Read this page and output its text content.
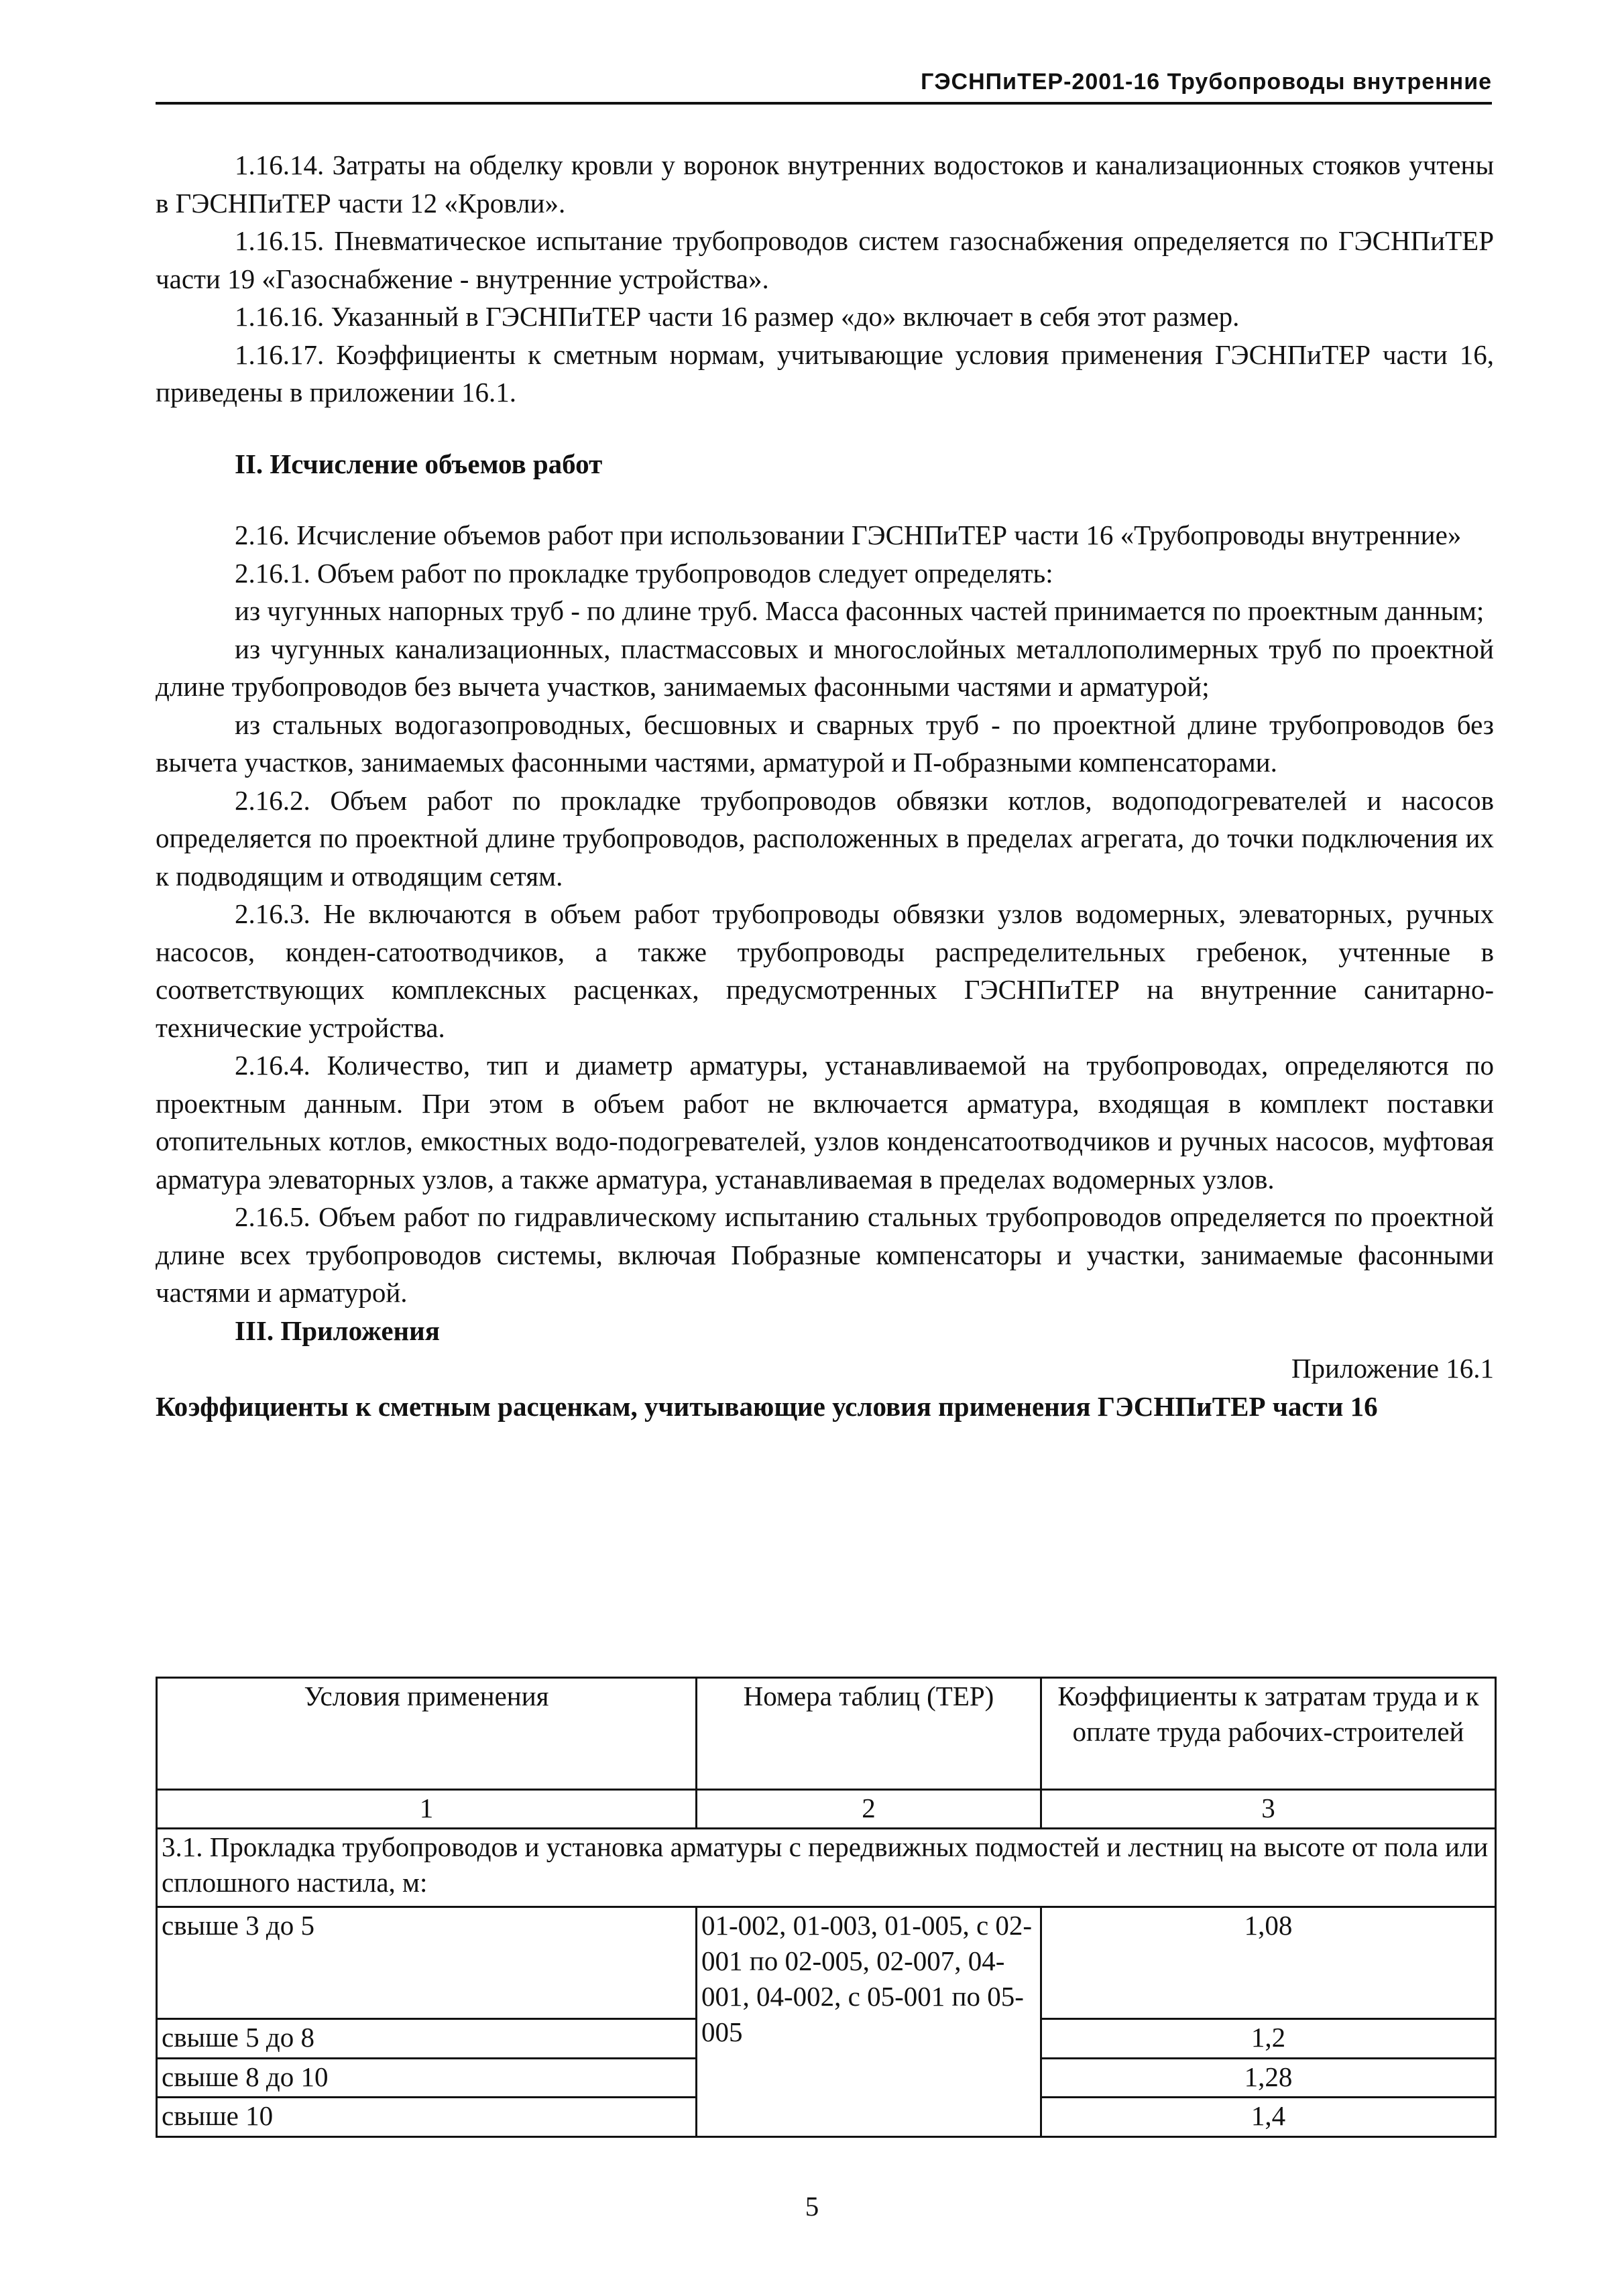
ГЭСНПиТЕР-2001-16 Трубопроводы внутренние

1.16.14. Затраты на обделку кровли у воронок внутренних водостоков и канализационных стояков учтены в ГЭСНПиТЕР части 12 «Кровли».

1.16.15. Пневматическое испытание трубопроводов систем газоснабжения определяется по ГЭСНПиТЕР части 19 «Газоснабжение - внутренние устройства».

1.16.16. Указанный в ГЭСНПиТЕР части 16 размер «до» включает в себя этот размер.

1.16.17. Коэффициенты к сметным нормам, учитывающие условия применения ГЭСНПиТЕР части 16, приведены в приложении 16.1.

II. Исчисление объемов работ

2.16. Исчисление объемов работ при использовании ГЭСНПиТЕР части 16 «Трубопроводы внутренние»

2.16.1. Объем работ по прокладке трубопроводов следует определять:

из чугунных напорных труб - по длине труб. Масса фасонных частей принимается по проектным данным;

из чугунных канализационных, пластмассовых и многослойных металлополимерных труб по проектной длине трубопроводов без вычета участков, занимаемых фасонными частями и арматурой;

из стальных водогазопроводных, бесшовных и сварных труб - по проектной длине трубопроводов без вычета участков, занимаемых фасонными частями, арматурой и П-образными компенсаторами.

2.16.2. Объем работ по прокладке трубопроводов обвязки котлов, водоподогревателей и насосов определяется по проектной длине трубопроводов, расположенных в пределах агрегата, до точки подключения их к подводящим и отводящим сетям.

2.16.3. Не включаются в объем работ трубопроводы обвязки узлов водомерных, элеваторных, ручных насосов, конден-сатоотводчиков, а также трубопроводы распределительных гребенок, учтенные в соответствующих комплексных расценках, предусмотренных ГЭСНПиТЕР на внутренние санитарно-технические устройства.

2.16.4. Количество, тип и диаметр арматуры, устанавливаемой на трубопроводах, определяются по проектным данным. При этом в объем работ не включается арматура, входящая в комплект поставки отопительных котлов, емкостных водо-подогревателей, узлов конденсатоотводчиков и ручных насосов, муфтовая арматура элеваторных узлов, а также арматура, устанавливаемая в пределах водомерных узлов.

2.16.5. Объем работ по гидравлическому испытанию стальных трубопроводов определяется по проектной длине всех трубопроводов системы, включая Побразные компенсаторы и участки, занимаемые фасонными частями и арматурой.

III. Приложения

Приложение 16.1

Коэффициенты к сметным расценкам, учитывающие условия применения ГЭСНПиТЕР части 16

Условия применения	Номера таблиц (ТЕР)	Коэффициенты к затратам труда и к оплате труда рабочих-строителей
1	2	3
3.1. Прокладка трубопроводов и установка арматуры с передвижных подмостей и лестниц на высоте от пола или сплошного настила, м:		
свыше 3 до 5	01-002, 01-003, 01-005, с 02-001 по 02-005, 02-007, 04-001, 04-002, с 05-001 по 05-005	1,08
свыше 5 до 8		1,2
свыше 8 до 10		1,28
свыше 10		1,4
5
